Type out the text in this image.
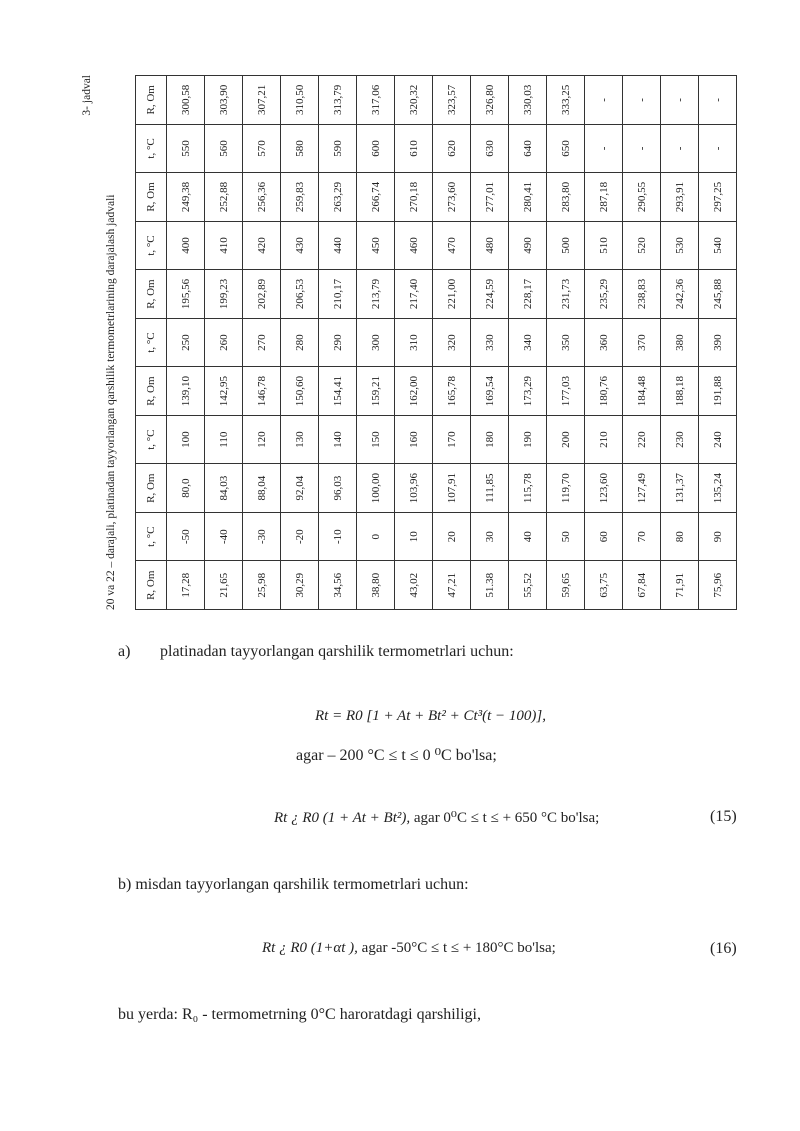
3- jadval
20 va 22 – darajali, platinadan tayyorlangan qarshilik termometrlarining darajalash jadvali	R, Om	t, °C	R, Om	t, °C	R, Om	t, °C	R, Om	t, °C	R, Om	t, °C	R, Om
17,28	-50	80,0	100	139,10	250	195,56	400	249,38	550	300,58
21,65	-40	84,03	110	142,95	260	199,23	410	252,88	560	303,90
25,98	-30	88,04	120	146,78	270	202,89	420	256,36	570	307,21
30,29	-20	92,04	130	150,60	280	206,53	430	259,83	580	310,50
34,56	-10	96,03	140	154,41	290	210,17	440	263,29	590	313,79
38,80	0	100,00	150	159,21	300	213,79	450	266,74	600	317,06
43,02	10	103,96	160	162,00	310	217,40	460	270,18	610	320,32
47,21	20	107,91	170	165,78	320	221,00	470	273,60	620	323,57
51.38	30	111,85	180	169,54	330	224,59	480	277,01	630	326,80
55,52	40	115,78	190	173,29	340	228,17	490	280,41	640	330,03
59,65	50	119,70	200	177,03	350	231,73	500	283,80	650	333,25
63,75	60	123,60	210	180,76	360	235,29	510	287,18	-	-
67,84	70	127,49	220	184,48	370	238,83	520	290,55	-	-
71,91	80	131,37	230	188,18	380	242,36	530	293,91	-	-
75,96	90	135,24	240	191,88	390	245,88	540	297,25	-	-
a) platinadan tayyorlangan qarshilik termometrlari uchun:
Rt = R0 [1 + At + Bt² + Ct³(t − 100)],
agar – 200 °C ≤ t ≤ 0 ⁰C bo'lsa;
Rt ¿ R0 (1 + At + Bt²), agar 0⁰C ≤ t ≤ + 650 °C bo'lsa;	(15)
b) misdan tayyorlangan qarshilik termometrlari uchun:
Rt ¿ R0 (1+αt ), agar -50°C ≤ t ≤ + 180°C bo'lsa;	(16)
bu yerda: R₀ - termometrning 0°C haroratdagi qarshiligi,
